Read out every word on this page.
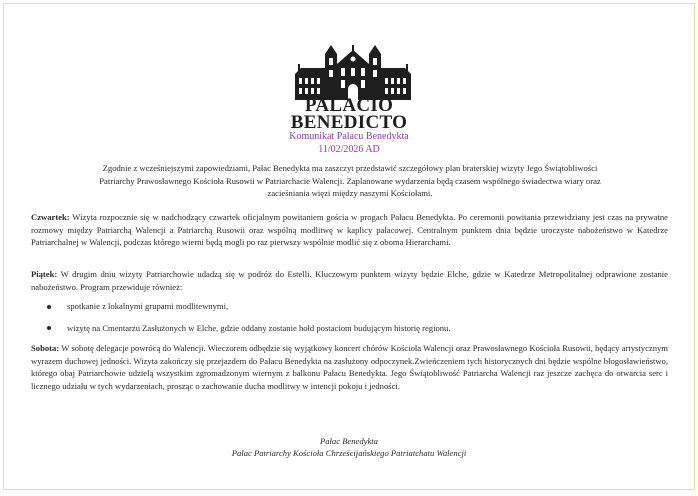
PALACIO
BENEDICTO
Komunikat Pałacu Benedykta
11/02/2026 AD
Zgodnie z wcześniejszymi zapowiedziami, Pałac Benedykta ma zaszczyt przedstawić szczegółowy plan braterskiej wizyty Jego Świątobliwości Patriarchy Prawosławnego Kościoła Rusowii w Patriarchacie Walencji. Zaplanowane wydarzenia będą czasem wspólnego świadectwa wiary oraz zacieśniania więzi między naszymi Kościołami.
Czwartek: Wizyta rozpocznie się w nadchodzący czwartek oficjalnym powitaniem gościa w progach Pałacu Benedykta. Po ceremonii powitania przewidziany jest czas na prywatne rozmowy między Patriarchą Walencji a Patriarchą Rusowii oraz wspólną modlitwę w kaplicy pałacowej. Centralnym punktem dnia będzie uroczyste nabożeństwo w Katedrze Patriarchalnej w Walencji, podczas którego wierni będą mogli po raz pierwszy wspólnie modlić się z oboma Hierarchami.
Piątek: W drugim dniu wizyty Patriarchowie udadzą się w podróż do Estelli. Kluczowym punktem wizyty będzie Elche, gdzie w Katedrze Metropolitalnej odprawione zostanie nabożeństwo. Program przewiduje również:
spotkanie z lokalnymi grupami modlitewnymi,
wizytę na Cmentarzu Zasłużonych w Elche, gdzie oddany zostanie hołd postaciom budującym historię regionu.
Sobota: W sobotę delegacje powrócą do Walencji. Wieczorem odbędzie się wyjątkowy koncert chórów Kościoła Walencji oraz Prawosławnego Kościoła Rusowii, będący artystycznym wyrazem duchowej jedności. Wizyta zakończy się przejazdem do Pałacu Benedykta na zasłużony odpoczynek.Zwieńczeniem tych historycznych dni będzie wspólne błogosławieństwo, którego obaj Patriarchowie udzielą wszystkim zgromadzonym wiernym z balkonu Pałacu Benedykta. Jego Świątobliwość Patriarcha Walencji raz jeszcze zachęca do otwarcia serc i licznego udziału w tych wydarzeniach, prosząc o zachowanie ducha modlitwy w intencji pokoju i jedności.
Pałac Benedykta
Pałac Patriarchy Kościoła Chrześcijańskiego Patriatchatu Walencji
